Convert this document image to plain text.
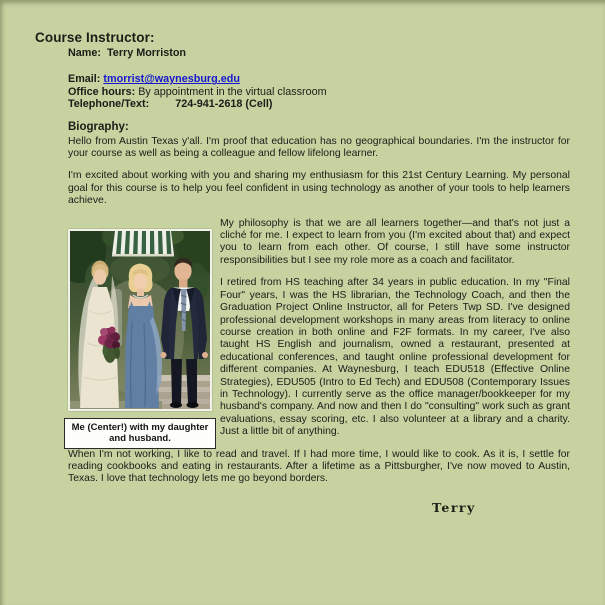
Course Instructor:

Name: Terry Morriston

Email: tmorrist@waynesburg.edu

Office hours: By appointment in the virtual classroom

Telephone/Text: 724-941-2618 (Cell)

Biography:

Hello from Austin Texas y'all. I'm proof that education has no geographical boundaries. I'm the instructor for your course as well as being a colleague and fellow lifelong learner.

I'm excited about working with you and sharing my enthusiasm for this 21st Century Learning. My personal goal for this course is to help you feel confident in using technology as another of your tools to help learners achieve.

Me (Center!) with my daughter and husband.

My philosophy is that we are all learners together—and that's not just a cliché for me. I expect to learn from you (I'm excited about that) and expect you to learn from each other. Of course, I still have some instructor responsibilities but I see my role more as a coach and facilitator.

I retired from HS teaching after 34 years in public education. In my "Final Four" years, I was the HS librarian, the Technology Coach, and then the Graduation Project Online Instructor, all for Peters Twp SD. I've designed professional development workshops in many areas from literacy to online course creation in both online and F2F formats. In my career, I've also taught HS English and journalism, owned a restaurant, presented at educational conferences, and taught online professional development for different companies. At Waynesburg, I teach EDU518 (Effective Online Strategies), EDU505 (Intro to Ed Tech) and EDU508 (Contemporary Issues in Technology). I currently serve as the office manager/bookkeeper for my husband's company. And now and then I do "consulting" work such as grant evaluations, essay scoring, etc. I also volunteer at a library and a charity. Just a little bit of anything.

When I'm not working, I like to read and travel. If I had more time, I would like to cook. As it is, I settle for reading cookbooks and eating in restaurants. After a lifetime as a Pittsburgher, I've now moved to Austin, Texas. I love that technology lets me go beyond borders.

Terry
